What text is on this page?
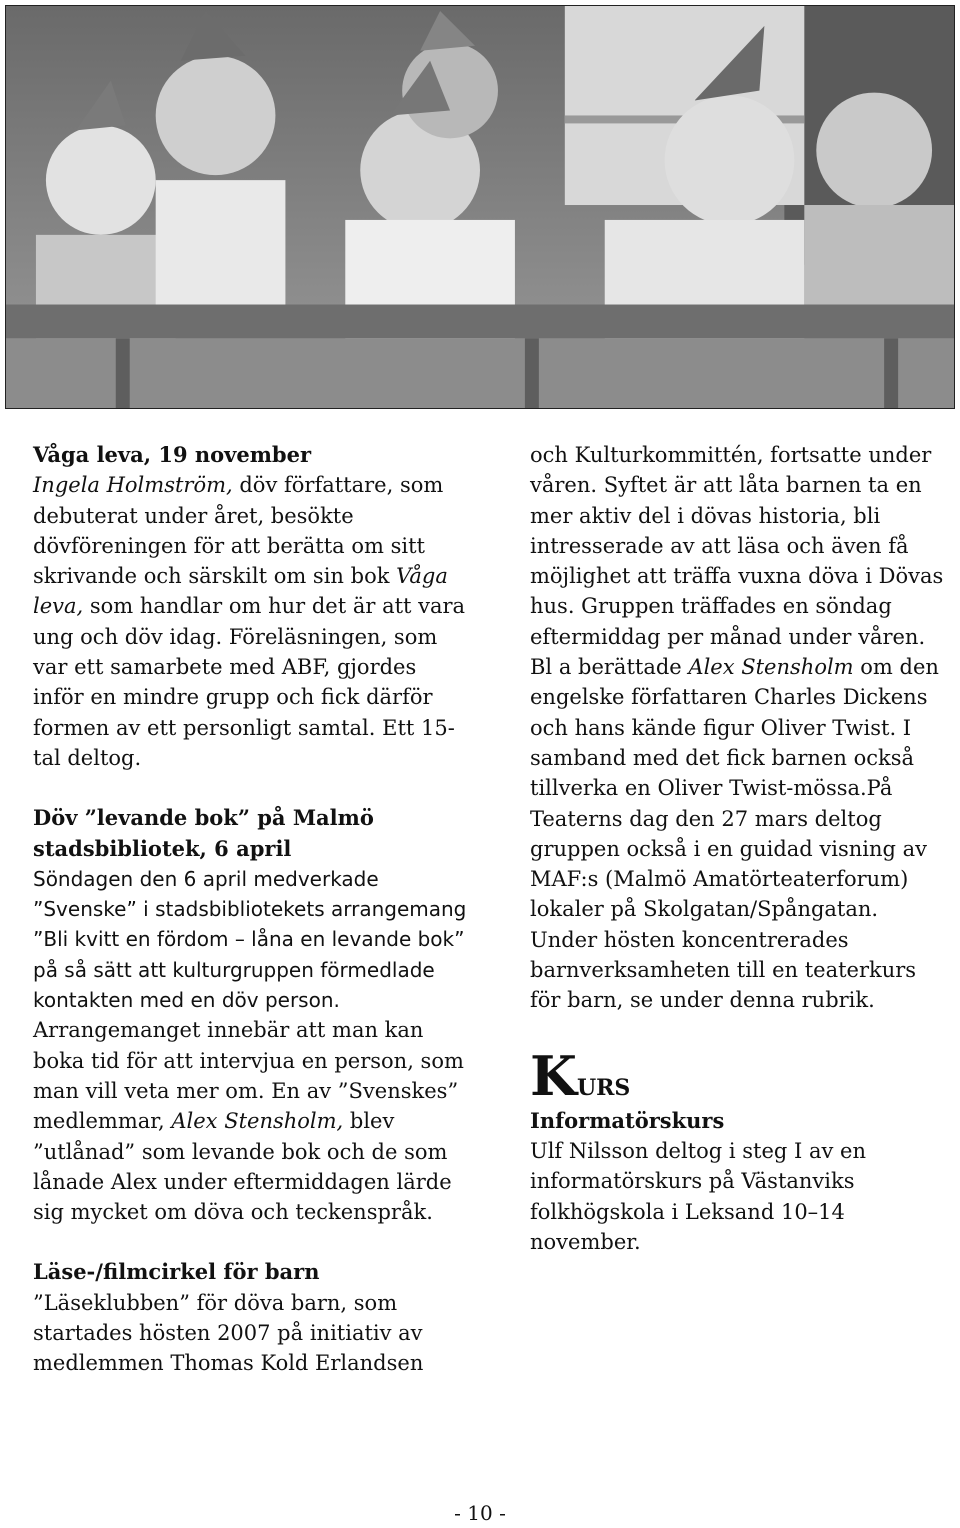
Våga leva, 19 november

Ingela Holmström, döv författare, som debuterat under året, besökte dövföreningen för att berätta om sitt skrivande och särskilt om sin bok Våga leva, som handlar om hur det är att vara ung och döv idag. Föreläsningen, som var ett samarbete med ABF, gjordes inför en mindre grupp och fick därför formen av ett personligt samtal. Ett 15-tal deltog.

Döv ”levande bok” på Malmö stadsbibliotek, 6 april

Söndagen den 6 april medverkade ”Svenske” i stadsbibliotekets arrangemang ”Bli kvitt en fördom – låna en levande bok” på så sätt att kulturgruppen förmedlade kontakten med en döv person. Arrangemanget innebär att man kan boka tid för att intervjua en person, som man vill veta mer om. En av ”Svenskes” medlemmar, Alex Stensholm, blev ”utlånad” som levande bok och de som lånade Alex under eftermiddagen lärde sig mycket om döva och teckenspråk.

Läse-/filmcirkel för barn

”Läseklubben” för döva barn, som startades hösten 2007 på initiativ av medlemmen Thomas Kold Erlandsen

och Kulturkommittén, fortsatte under våren. Syftet är att låta barnen ta en mer aktiv del i dövas historia, bli intresserade av att läsa och även få möjlighet att träffa vuxna döva i Dövas hus. Gruppen träffades en söndag eftermiddag per månad under våren. Bl a berättade Alex Stensholm om den engelske författaren Charles Dickens och hans kände figur Oliver Twist. I samband med det fick barnen också tillverka en Oliver Twist-mössa.På Teaterns dag den 27 mars deltog gruppen också i en guidad visning av MAF:s (Malmö Amatörteaterforum) lokaler på Skolgatan/Spångatan. Under hösten koncentrerades barnverksamheten till en teaterkurs för barn, se under denna rubrik.

KURS

Informatörskurs

Ulf Nilsson deltog i steg I av en informatörskurs på Västanviks folkhögskola i Leksand 10–14 november.

- 10 -
